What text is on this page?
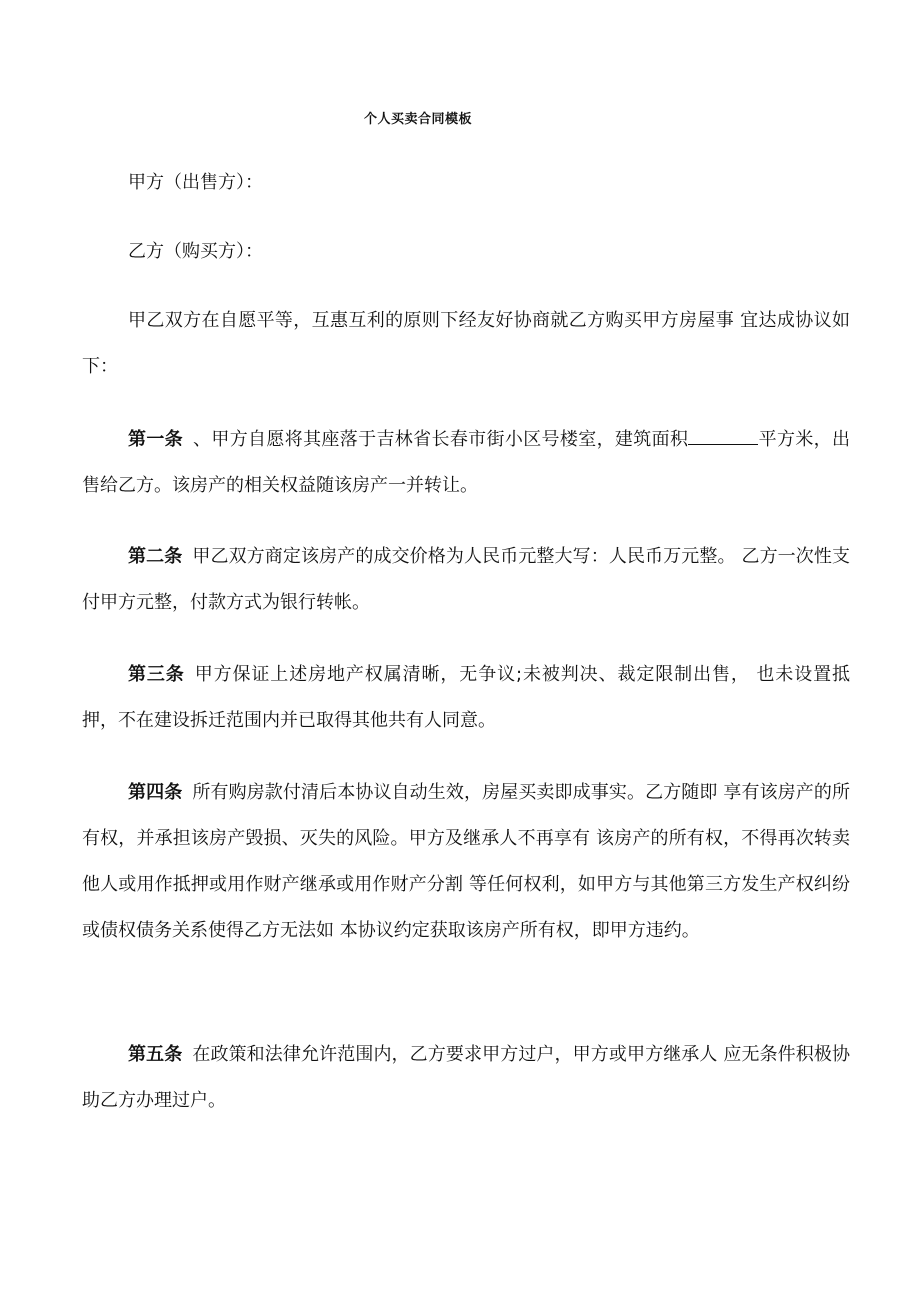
个人买卖合同模板
甲方（出售方）：
乙方（购买方）：
甲乙双方在自愿平等，互惠互利的原则下经友好协商就乙方购买甲方房屋事 宜达成协议如下：
第一条 、甲方自愿将其座落于吉林省长春市街小区号楼室，建筑面积	平方米，出售给乙方。该房产的相关权益随该房产一并转让。
第二条 甲乙双方商定该房产的成交价格为人民币元整大写：人民币万元整。 乙方一次性支付甲方元整，付款方式为银行转帐。
第三条 甲方保证上述房地产权属清晰，无争议;未被判决、裁定限制出售， 也未设置抵押，不在建设拆迁范围内并已取得其他共有人同意。
第四条 所有购房款付清后本协议自动生效，房屋买卖即成事实。乙方随即 享有该房产的所有权，并承担该房产毁损、灭失的风险。甲方及继承人不再享有 该房产的所有权，不得再次转卖他人或用作抵押或用作财产继承或用作财产分割 等任何权利，如甲方与其他第三方发生产权纠纷或债权债务关系使得乙方无法如 本协议约定获取该房产所有权，即甲方违约。
第五条 在政策和法律允许范围内，乙方要求甲方过户，甲方或甲方继承人 应无条件积极协助乙方办理过户。
